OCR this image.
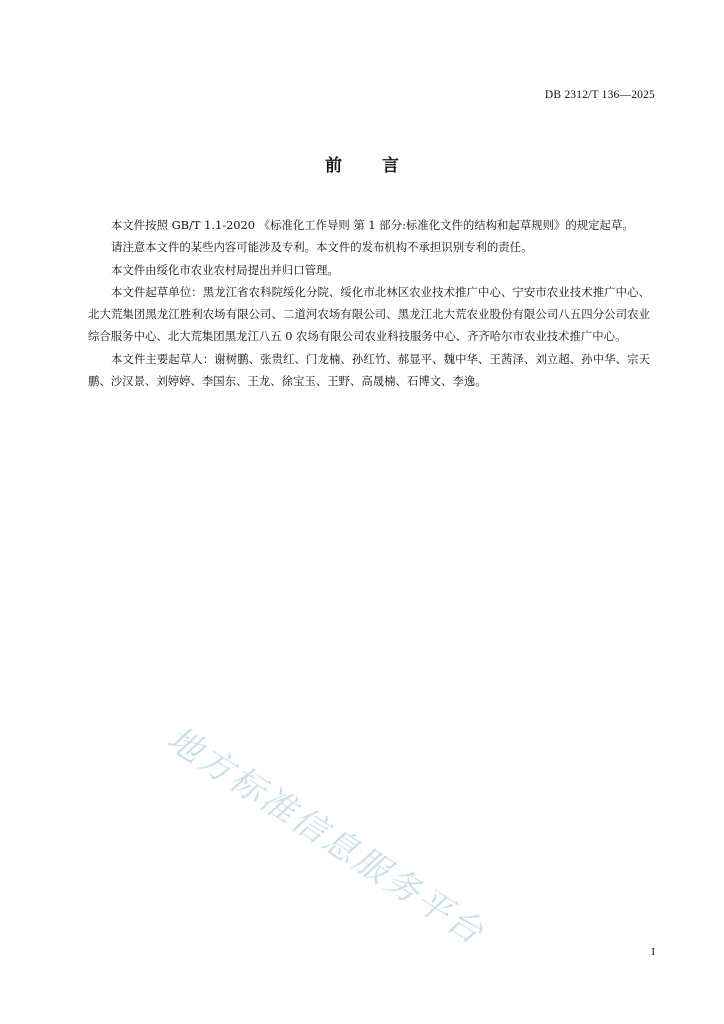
DB 2312/T 136—2025
前言

本文件按照 GB/T 1.1-2020 《标准化工作导则 第 1 部分:标准化文件的结构和起草规则》的规定起草。

请注意本文件的某些内容可能涉及专利。本文件的发布机构不承担识别专利的责任。

本文件由绥化市农业农村局提出并归口管理。

本文件起草单位：黑龙江省农科院绥化分院、绥化市北林区农业技术推广中心、宁安市农业技术推广中心、北大荒集团黑龙江胜利农场有限公司、二道河农场有限公司、黑龙江北大荒农业股份有限公司八五四分公司农业综合服务中心、北大荒集团黑龙江八五 0 农场有限公司农业科技服务中心、齐齐哈尔市农业技术推广中心。

本文件主要起草人：谢树鹏、张贵红、门龙楠、孙红竹、郝显平、魏中华、王茜泽、刘立超、孙中华、宗天鹏、沙汉景、刘婷婷、李国东、王龙、徐宝玉、王野、高晟楠、石博文、李逸。

地方标准信息服务平台	I
